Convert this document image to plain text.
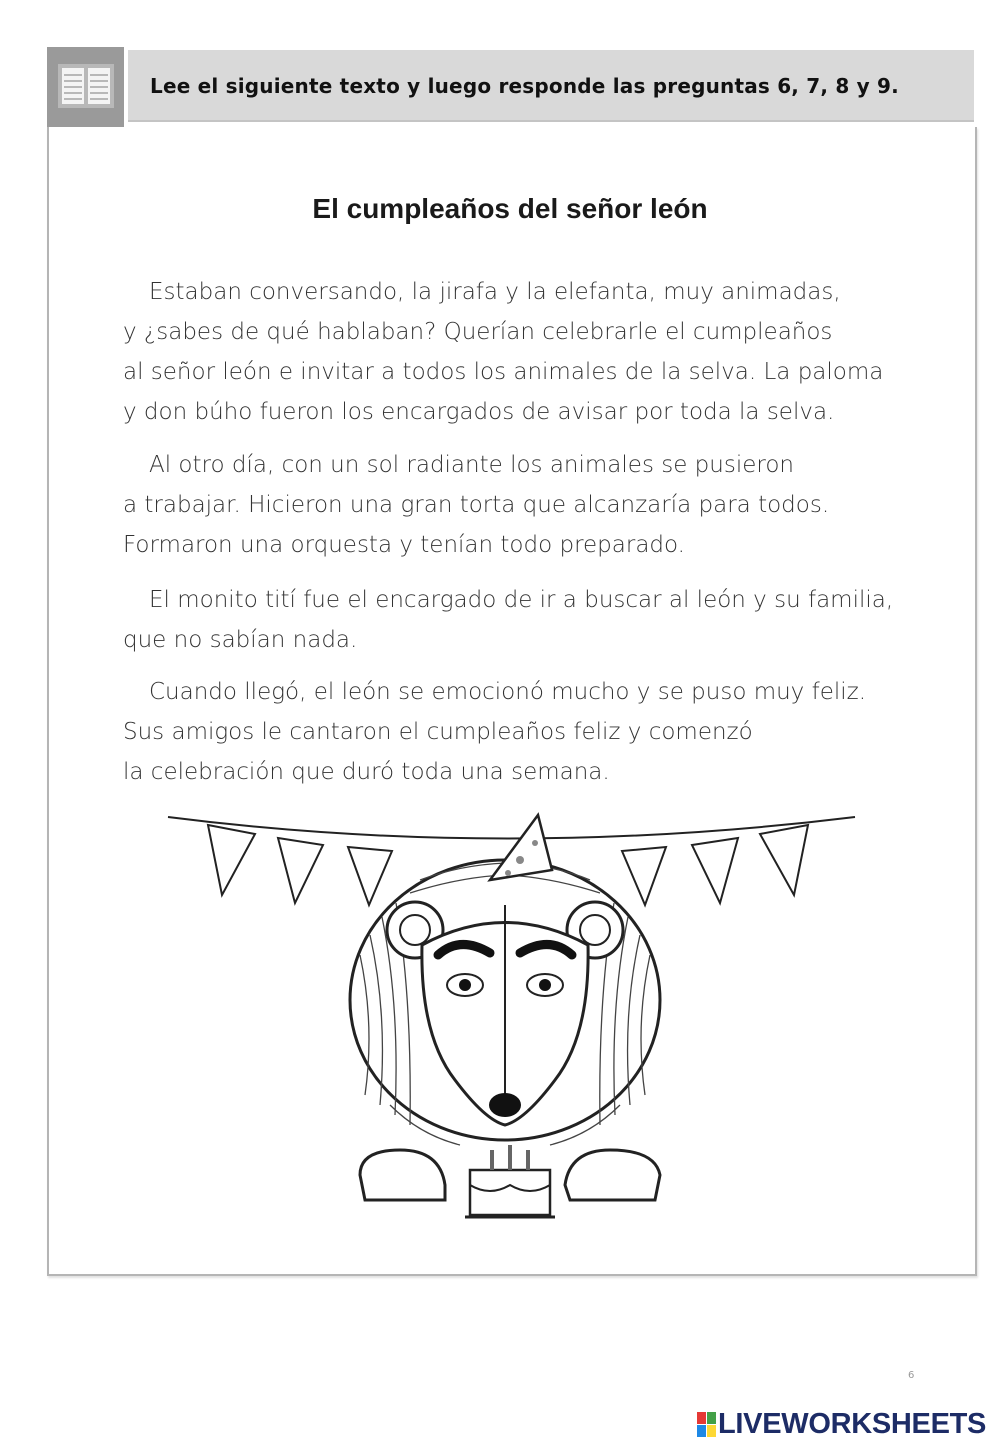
Lee el siguiente texto y luego responde las preguntas 6, 7, 8 y 9.
El cumpleaños del señor león

Estaban conversando, la jirafa y la elefanta, muy animadas,
y ¿sabes de qué hablaban? Querían celebrarle el cumpleaños
al señor león e invitar a todos los animales de la selva. La paloma
y don búho fueron los encargados de avisar por toda la selva.

Al otro día, con un sol radiante los animales se pusieron
a trabajar. Hicieron una gran torta que alcanzaría para todos.
Formaron una orquesta y tenían todo preparado.

El monito tití fue el encargado de ir a buscar al león y su familia,
que no sabían nada.

Cuando llegó, el león se emocionó mucho y se puso muy feliz.
Sus amigos le cantaron el cumpleaños feliz y comenzó
la celebración que duró toda una semana.

6
LIVEWORKSHEETS
